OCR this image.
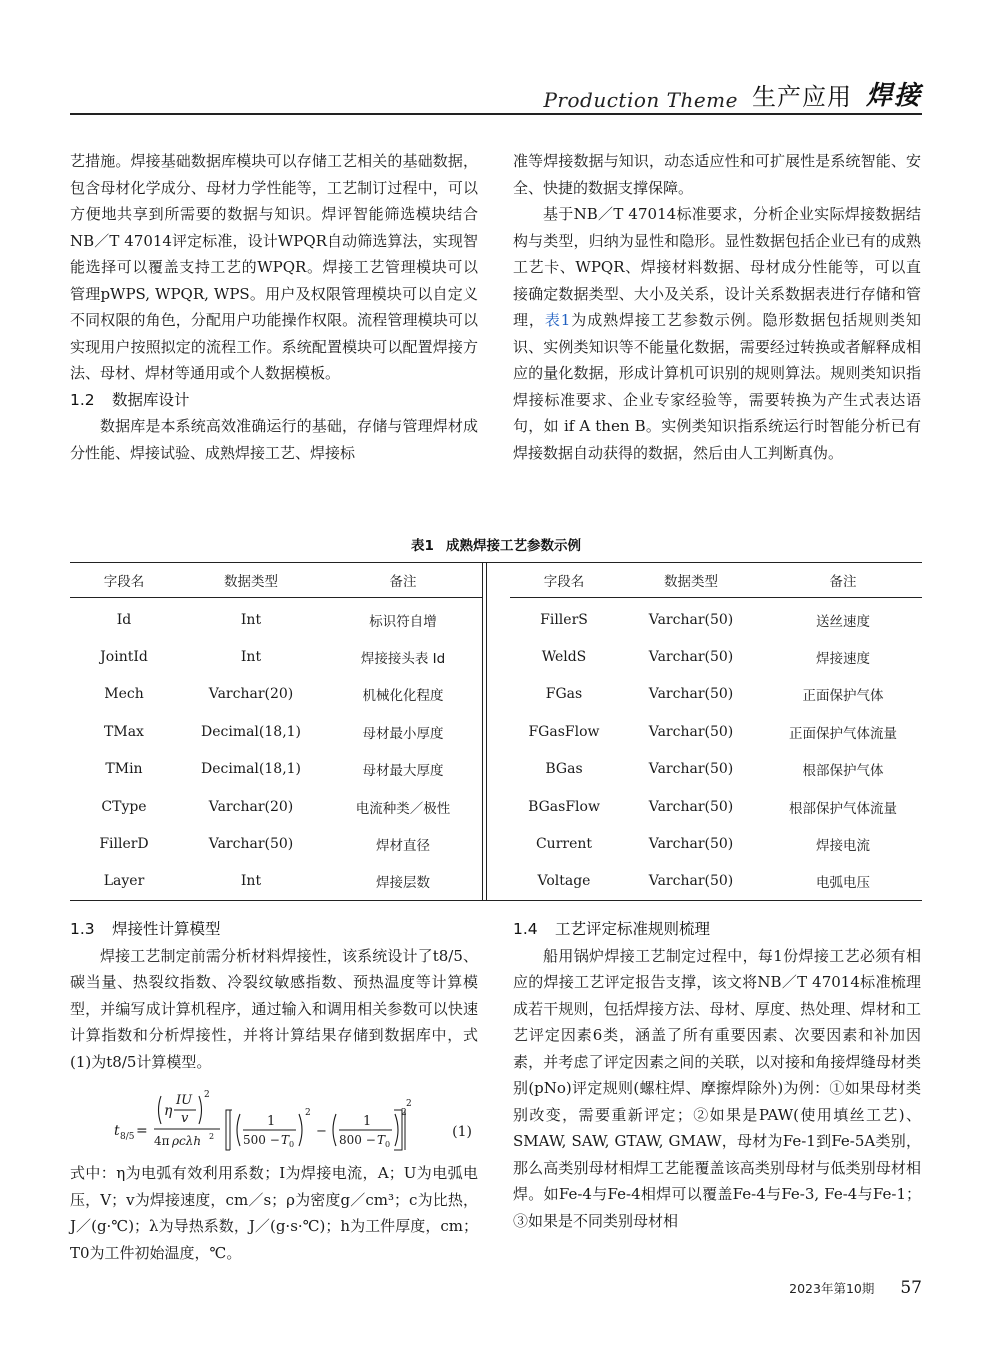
Production Theme 生产应用 焊接

艺措施。焊接基础数据库模块可以存储工艺相关的基础数据，包含母材化学成分、母材力学性能等，工艺制订过程中，可以方便地共享到所需要的数据与知识。焊评智能筛选模块结合NB／T 47014评定标准，设计WPQR自动筛选算法，实现智能选择可以覆盖支持工艺的WPQR。焊接工艺管理模块可以管理pWPS, WPQR, WPS。用户及权限管理模块可以自定义不同权限的角色，分配用户功能操作权限。流程管理模块可以实现用户按照拟定的流程工作。系统配置模块可以配置焊接方法、母材、焊材等通用或个人数据模板。

1.2 数据库设计

数据库是本系统高效准确运行的基础，存储与管理焊材成分性能、焊接试验、成熟焊接工艺、焊接标

准等焊接数据与知识，动态适应性和可扩展性是系统智能、安全、快捷的数据支撑保障。

基于NB／T 47014标准要求，分析企业实际焊接数据结构与类型，归纳为显性和隐形。显性数据包括企业已有的成熟工艺卡、WPQR、焊接材料数据、母材成分性能等，可以直接确定数据类型、大小及关系，设计关系数据表进行存储和管理，表1为成熟焊接工艺参数示例。隐形数据包括规则类知识、实例类知识等不能量化数据，需要经过转换或者解释成相应的量化数据，形成计算机可识别的规则算法。规则类知识指焊接标准要求、企业专家经验等，需要转换为产生式表达语句，如 if A then B。实例类知识指系统运行时智能分析已有焊接数据自动获得的数据，然后由人工判断真伪。

表1 成熟焊接工艺参数示例
字段名	数据类型	备注
Id	Int	标识符自增
JointId	Int	焊接接头表 Id
Mech	Varchar(20)	机械化化程度
TMax	Decimal(18,1)	母材最小厚度
TMin	Decimal(18,1)	母材最大厚度
CType	Varchar(20)	电流种类／极性
FillerD	Varchar(50)	焊材直径
Layer	Int	焊接层数
字段名	数据类型	备注
FillerS	Varchar(50)	送丝速度
WeldS	Varchar(50)	焊接速度
FGas	Varchar(50)	正面保护气体
FGasFlow	Varchar(50)	正面保护气体流量
BGas	Varchar(50)	根部保护气体
BGasFlow	Varchar(50)	根部保护气体流量
Current	Varchar(50)	焊接电流
Voltage	Varchar(50)	电弧电压

1.3 焊接性计算模型

焊接工艺制定前需分析材料焊接性，该系统设计了t8/5、碳当量、热裂纹指数、冷裂纹敏感指数、预热温度等计算模型，并编写成计算机程序，通过输入和调用相关参数可以快速计算指数和分析焊接性，并将计算结果存储到数据库中，式(1)为t8/5计算模型。

t 8/5 =
η
IU
v
2
4π ρcλh 2
1
500 − T 0
2
−
1
800 − T 0
2
2
(1)

式中：η为电弧有效利用系数；I为焊接电流，A；U为电弧电压，V；v为焊接速度，cm／s；ρ为密度g／cm³；c为比热，J／(g·℃)；λ为导热系数，J／(g·s·℃)；h为工件厚度，cm；T0为工件初始温度，℃。

1.4 工艺评定标准规则梳理

船用锅炉焊接工艺制定过程中，每1份焊接工艺必须有相应的焊接工艺评定报告支撑，该文将NB／T 47014标准梳理成若干规则，包括焊接方法、母材、厚度、热处理、焊材和工艺评定因素6类，涵盖了所有重要因素、次要因素和补加因素，并考虑了评定因素之间的关联，以对接和角接焊缝母材类别(pNo)评定规则(螺柱焊、摩擦焊除外)为例：①如果母材类别改变，需要重新评定；②如果是PAW(使用填丝工艺)、SMAW, SAW, GTAW, GMAW，母材为Fe-1到Fe-5A类别，那么高类别母材相焊工艺能覆盖该高类别母材与低类别母材相焊。如Fe-4与Fe-4相焊可以覆盖Fe-4与Fe-3, Fe-4与Fe-1；③如果是不同类别母材相

2023年第10期 57
